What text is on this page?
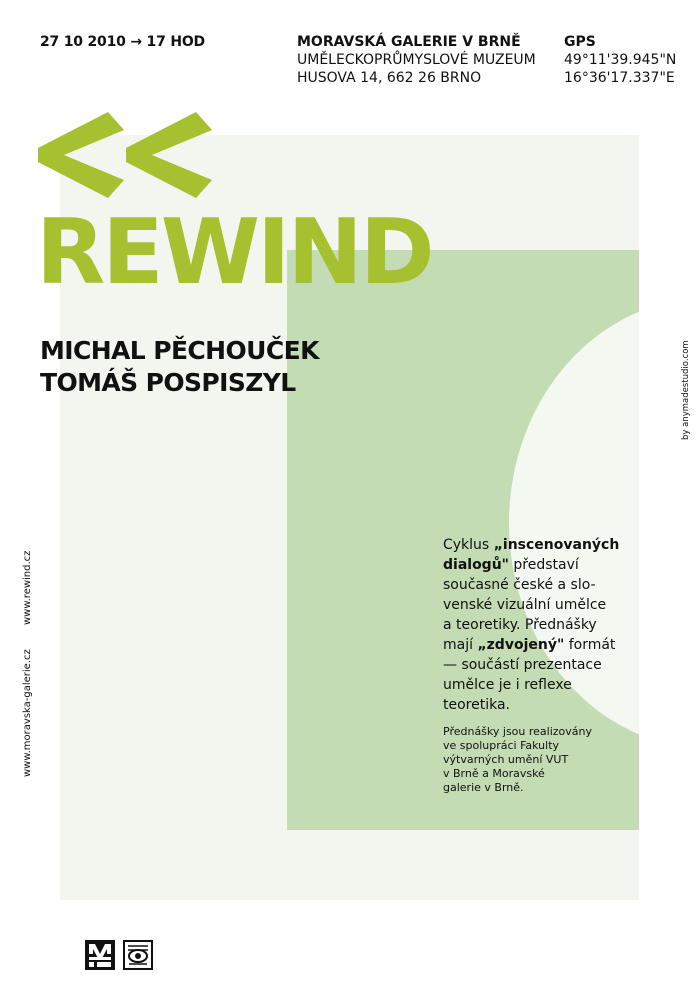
27 10 2010 → 17 HOD	MORAVSKÁ GALERIE V BRNĚ
UMĚLECKOPRŮMYSLOVÉ MUZEUM
HUSOVA 14, 662 26 BRNO
GPS
49°11'39.945"N
16°36'17.337"E
REWIND
MICHAL PĚCHOUČEK
TOMÁŠ POSPISZYL	by anymadestudio.com
www.rewind.cz
www.moravska-galerie.cz

Cyklus „inscenovaných
dialogů" představí
současné české a slo-
venské vizuální umělce
a teoretiky. Přednášky
mají „zdvojený" formát
— součástí prezentace
umělce je i reflexe
teoretika.

Přednášky jsou realizovány
ve spolupráci Fakulty
výtvarných umění VUT
v Brně a Moravské
galerie v Brně.
